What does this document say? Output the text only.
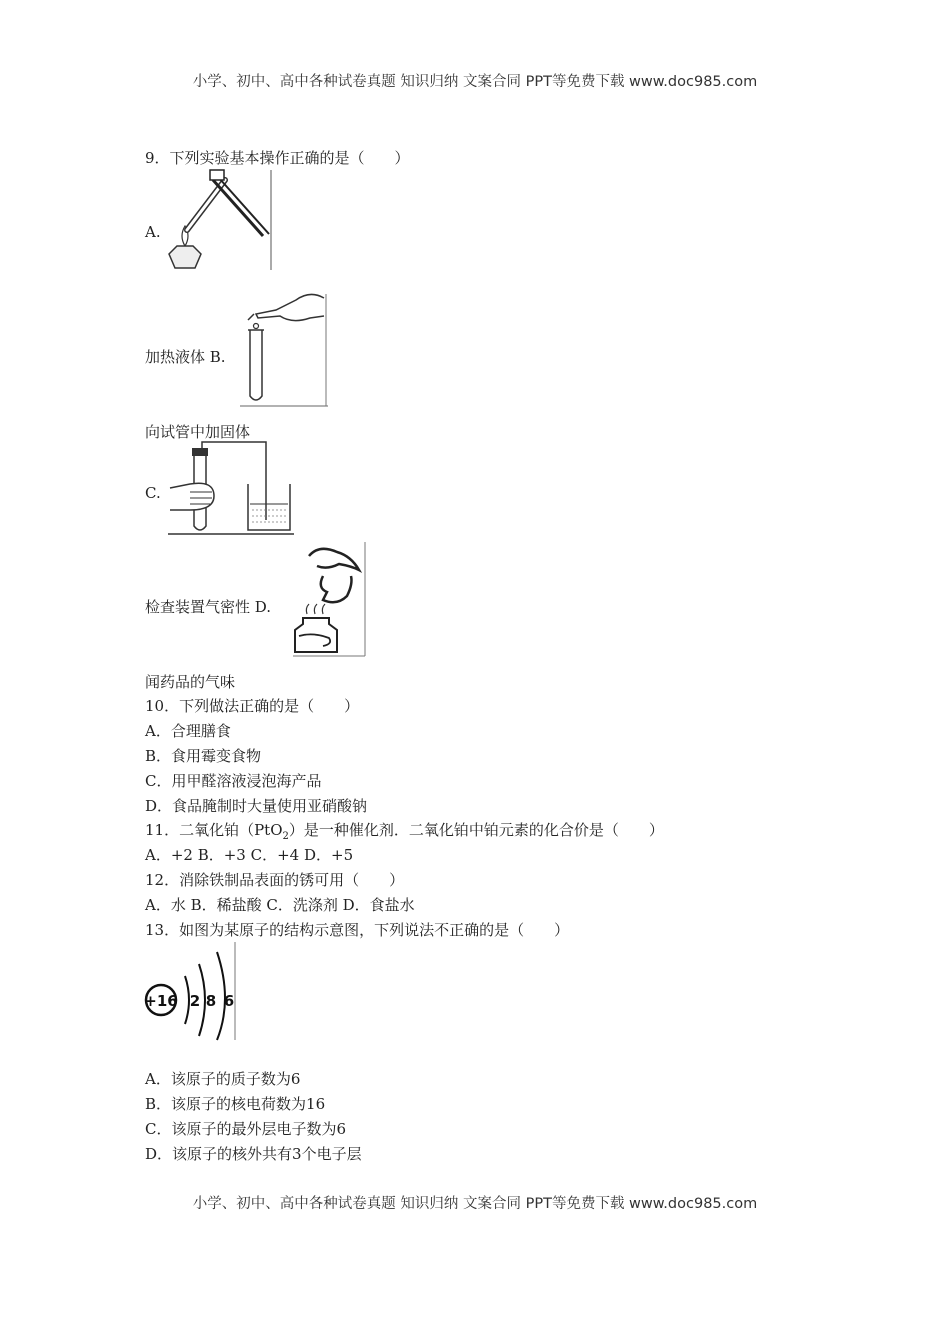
小学、初中、高中各种试卷真题 知识归纳 文案合同 PPT等免费下载 www.doc985.com
9．下列实验基本操作正确的是（　　）
A.
加热液体 B.
向试管中加固体
C.
检查装置气密性 D.
闻药品的气味
10．下列做法正确的是（　　）
A．合理膳食
B．食用霉变食物
C．用甲醛溶液浸泡海产品
D．食品腌制时大量使用亚硝酸钠
11．二氧化铂（PtO$_2$）是一种催化剂．二氧化铂中铂元素的化合价是（　　）
A．+2 B．+3 C．+4 D．+5
12．消除铁制品表面的锈可用（　　）
A．水 B．稀盐酸 C．洗涤剂 D．食盐水
13．如图为某原子的结构示意图，下列说法不正确的是（　　）
+16 2 8 6
A．该原子的质子数为6
B．该原子的核电荷数为16
C．该原子的最外层电子数为6
D．该原子的核外共有3个电子层
小学、初中、高中各种试卷真题 知识归纳 文案合同 PPT等免费下载 www.doc985.com
